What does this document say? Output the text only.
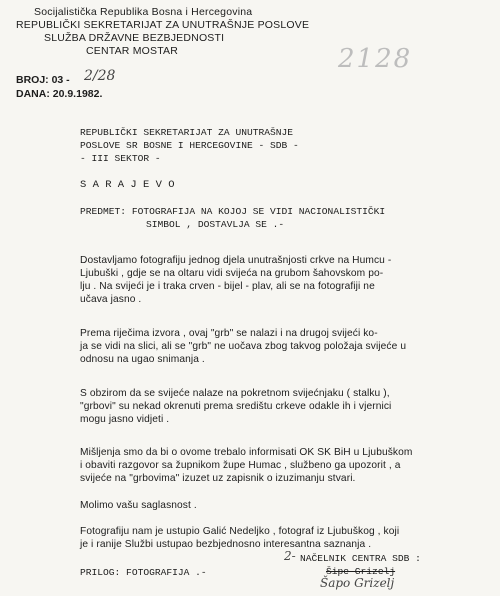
Socijalistička Republika Bosna i Hercegovina
REPUBLIČKI SEKRETARIJAT ZA UNUTRAŠNJE POSLOVE
SLUŽBA DRŽAVNE BEZBJEDNOSTI
CENTAR MOSTAR	2128
BROJ: 03 - 2/28
DANA: 20.9.1982.
REPUBLIČKI SEKRETARIJAT ZA UNUTRAŠNJE
POSLOVE SR BOSNE I HERCEGOVINE - SDB -
- III SEKTOR -
S A R A J E V O
PREDMET: FOTOGRAFIJA NA KOJOJ SE VIDI NACIONALISTIČKI
SIMBOL , DOSTAVLJA SE .-
Dostavljamo fotografiju jednog djela unutrašnjosti crkve na Humcu -
Ljubuški , gdje se na oltaru vidi svijeća na grubom šahovskom po-
lju . Na svijeći je i traka crven - bijel - plav, ali se na fotografiji ne
učava jasno .
Prema riječima izvora , ovaj "grb" se nalazi i na drugoj svijeći ko-
ja se vidi na slici, ali se "grb" ne uočava zbog takvog položaja svijeće u
odnosu na ugao snimanja .
S obzirom da se svijeće nalaze na pokretnom svijećnjaku ( stalku ),
"grbovi" su nekad okrenuti prema središtu crkeve odakle ih i vjernici
mogu jasno vidjeti .
Mišljenja smo da bi o ovome trebalo informisati OK SK BiH u Ljubuškom
i obaviti razgovor sa župnikom župe Humac , službeno ga upozorit , a
svijeće na "grbovima" izuzet uz zapisnik o izuzimanju stvari.
Molimo vašu saglasnost .
Fotografiju nam je ustupio Galić Nedeljko , fotograf iz Ljubuškog , koji
je i ranije Službi ustupao bezbjednosno interesantna saznanja .
PRILOG: FOTOGRAFIJA .-
2- NAČELNIK CENTRA SDB :
Šipe Grizelj
Šapo Grizelj
